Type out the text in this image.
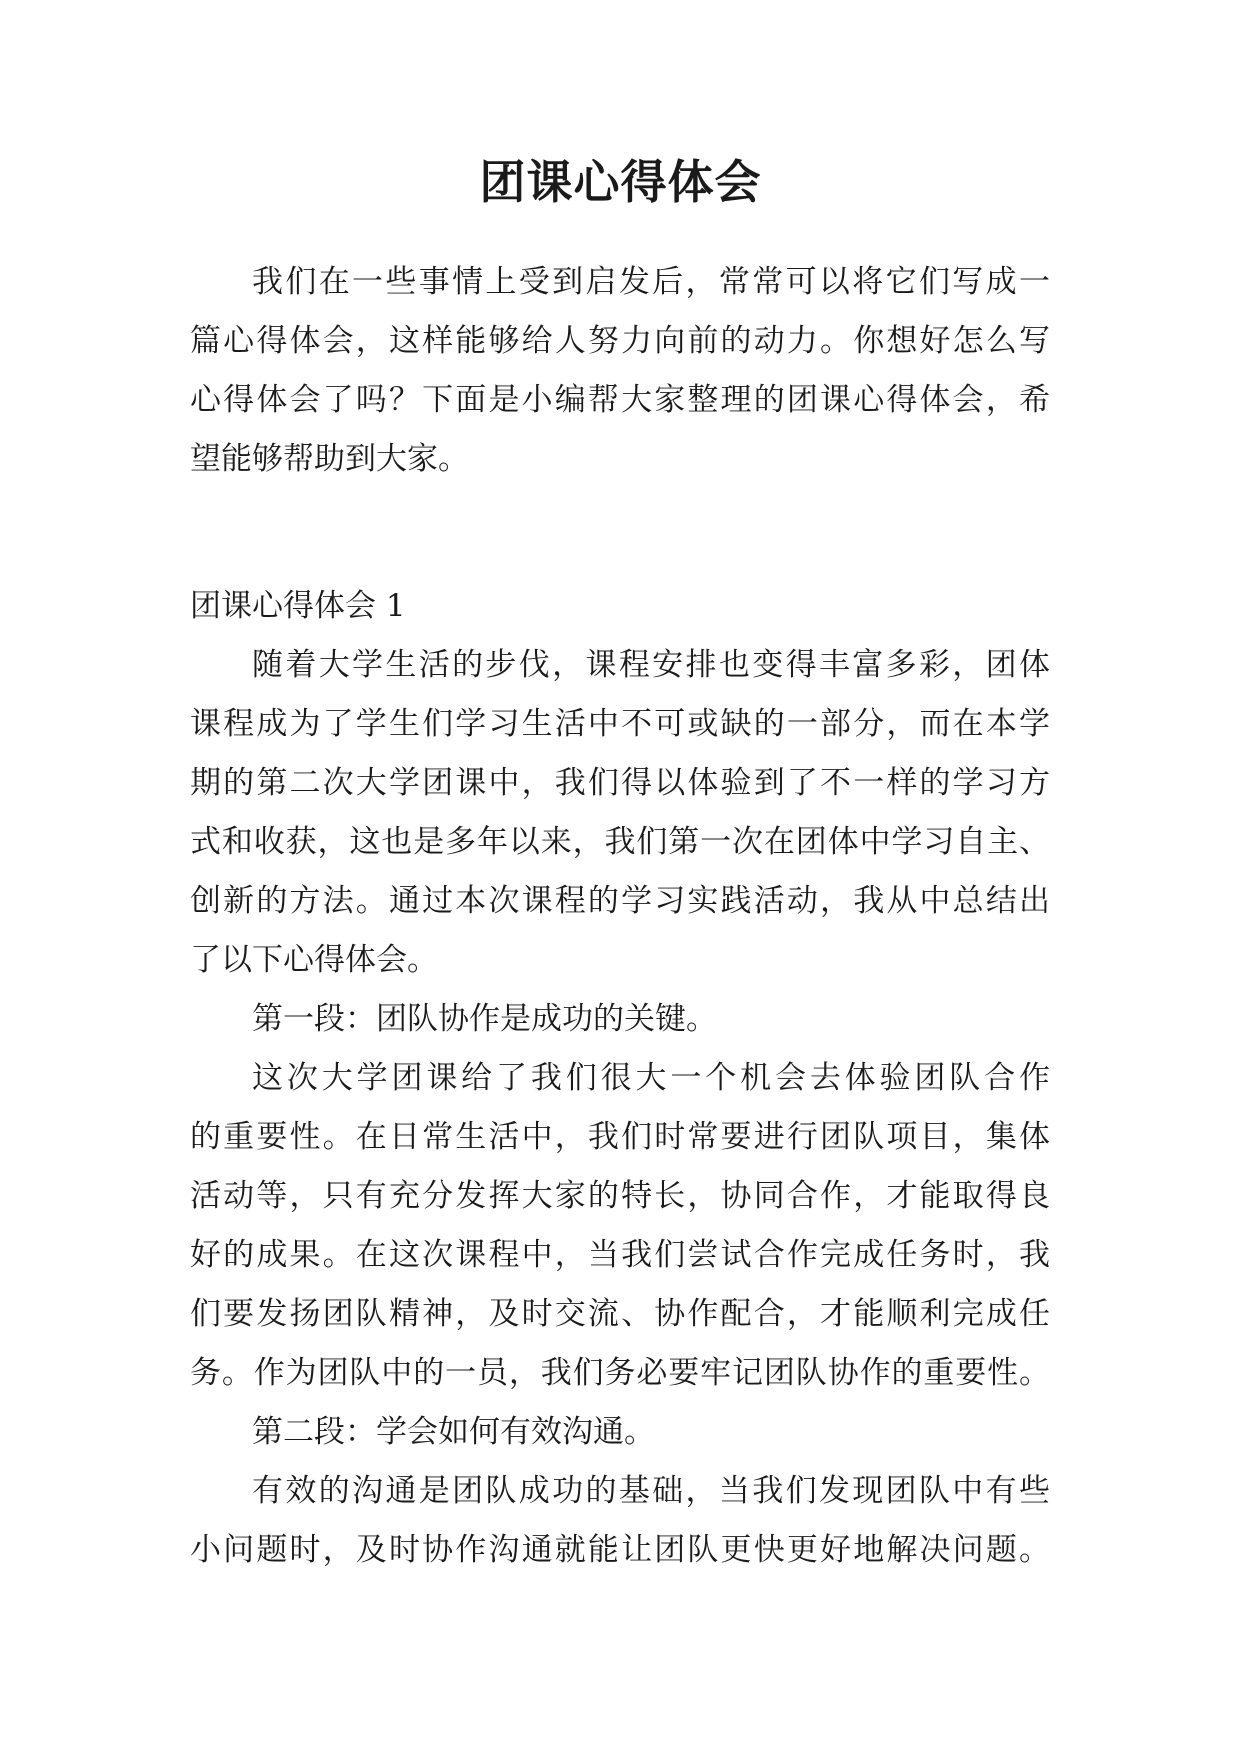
团课心得体会

我们在一些事情上受到启发后，常常可以将它们写成一

篇心得体会，这样能够给人努力向前的动力。你想好怎么写

心得体会了吗？下面是小编帮大家整理的团课心得体会，希

望能够帮助到大家。

团课心得体会 1

随着大学生活的步伐，课程安排也变得丰富多彩，团体

课程成为了学生们学习生活中不可或缺的一部分，而在本学

期的第二次大学团课中，我们得以体验到了不一样的学习方

式和收获，这也是多年以来，我们第一次在团体中学习自主、

创新的方法。通过本次课程的学习实践活动，我从中总结出

了以下心得体会。

第一段：团队协作是成功的关键。

这次大学团课给了我们很大一个机会去体验团队合作

的重要性。在日常生活中，我们时常要进行团队项目，集体

活动等，只有充分发挥大家的特长，协同合作，才能取得良

好的成果。在这次课程中，当我们尝试合作完成任务时，我

们要发扬团队精神，及时交流、协作配合，才能顺利完成任

务。作为团队中的一员，我们务必要牢记团队协作的重要性。

第二段：学会如何有效沟通。

有效的沟通是团队成功的基础，当我们发现团队中有些

小问题时，及时协作沟通就能让团队更快更好地解决问题。
